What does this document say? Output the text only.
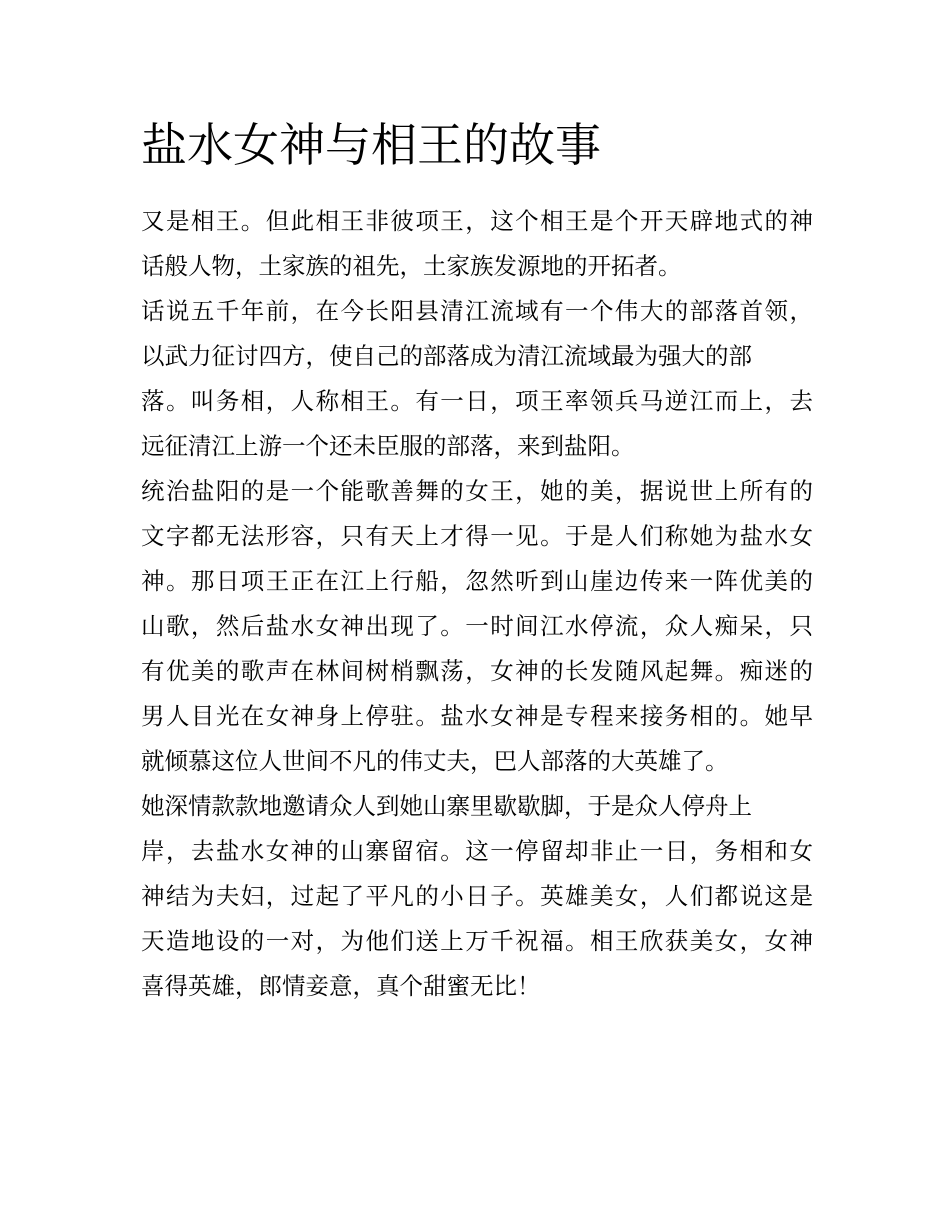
盐水女神与相王的故事
又是相王。但此相王非彼项王，这个相王是个开天辟地式的神
话般人物，土家族的祖先，土家族发源地的开拓者。
话说五千年前，在今长阳县清江流域有一个伟大的部落首领，
以武力征讨四方，使自己的部落成为清江流域最为强大的部
落。叫务相，人称相王。有一日，项王率领兵马逆江而上，去
远征清江上游一个还未臣服的部落，来到盐阳。
统治盐阳的是一个能歌善舞的女王，她的美，据说世上所有的
文字都无法形容，只有天上才得一见。于是人们称她为盐水女
神。那日项王正在江上行船，忽然听到山崖边传来一阵优美的
山歌，然后盐水女神出现了。一时间江水停流，众人痴呆，只
有优美的歌声在林间树梢飘荡，女神的长发随风起舞。痴迷的
男人目光在女神身上停驻。盐水女神是专程来接务相的。她早
就倾慕这位人世间不凡的伟丈夫，巴人部落的大英雄了。
她深情款款地邀请众人到她山寨里歇歇脚，于是众人停舟上
岸，去盐水女神的山寨留宿。这一停留却非止一日，务相和女
神结为夫妇，过起了平凡的小日子。英雄美女，人们都说这是
天造地设的一对，为他们送上万千祝福。相王欣获美女，女神
喜得英雄，郎情妾意，真个甜蜜无比！
